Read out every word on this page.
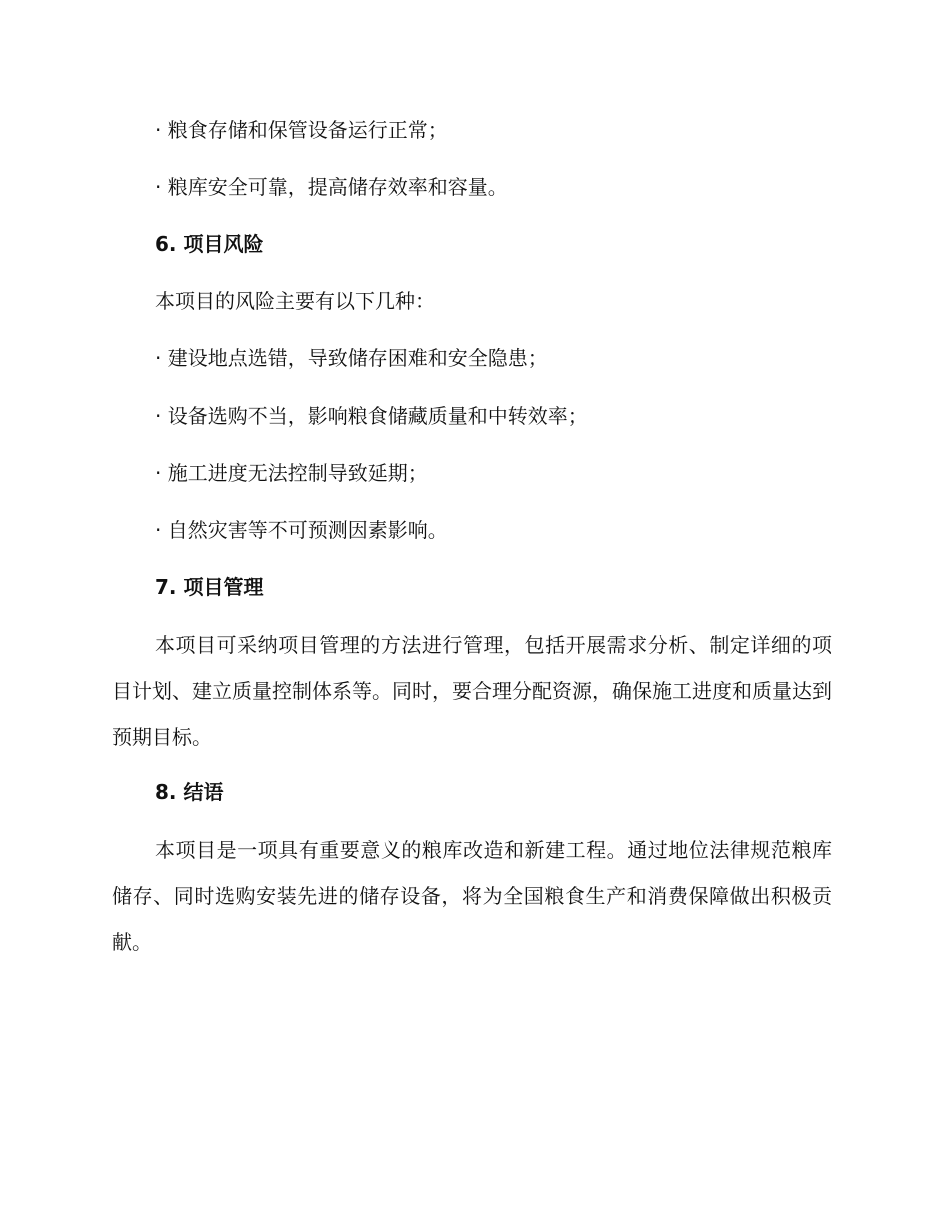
· 粮食存储和保管设备运行正常；
· 粮库安全可靠，提高储存效率和容量。
6. 项目风险
本项目的风险主要有以下几种：
· 建设地点选错，导致储存困难和安全隐患；
· 设备选购不当，影响粮食储藏质量和中转效率；
· 施工进度无法控制导致延期；
· 自然灾害等不可预测因素影响。
7. 项目管理
本项目可采纳项目管理的方法进行管理，包括开展需求分析、制定详细的项目计划、建立质量控制体系等。同时，要合理分配资源，确保施工进度和质量达到预期目标。
8. 结语
本项目是一项具有重要意义的粮库改造和新建工程。通过地位法律规范粮库储存、同时选购安装先进的储存设备，将为全国粮食生产和消费保障做出积极贡献。
